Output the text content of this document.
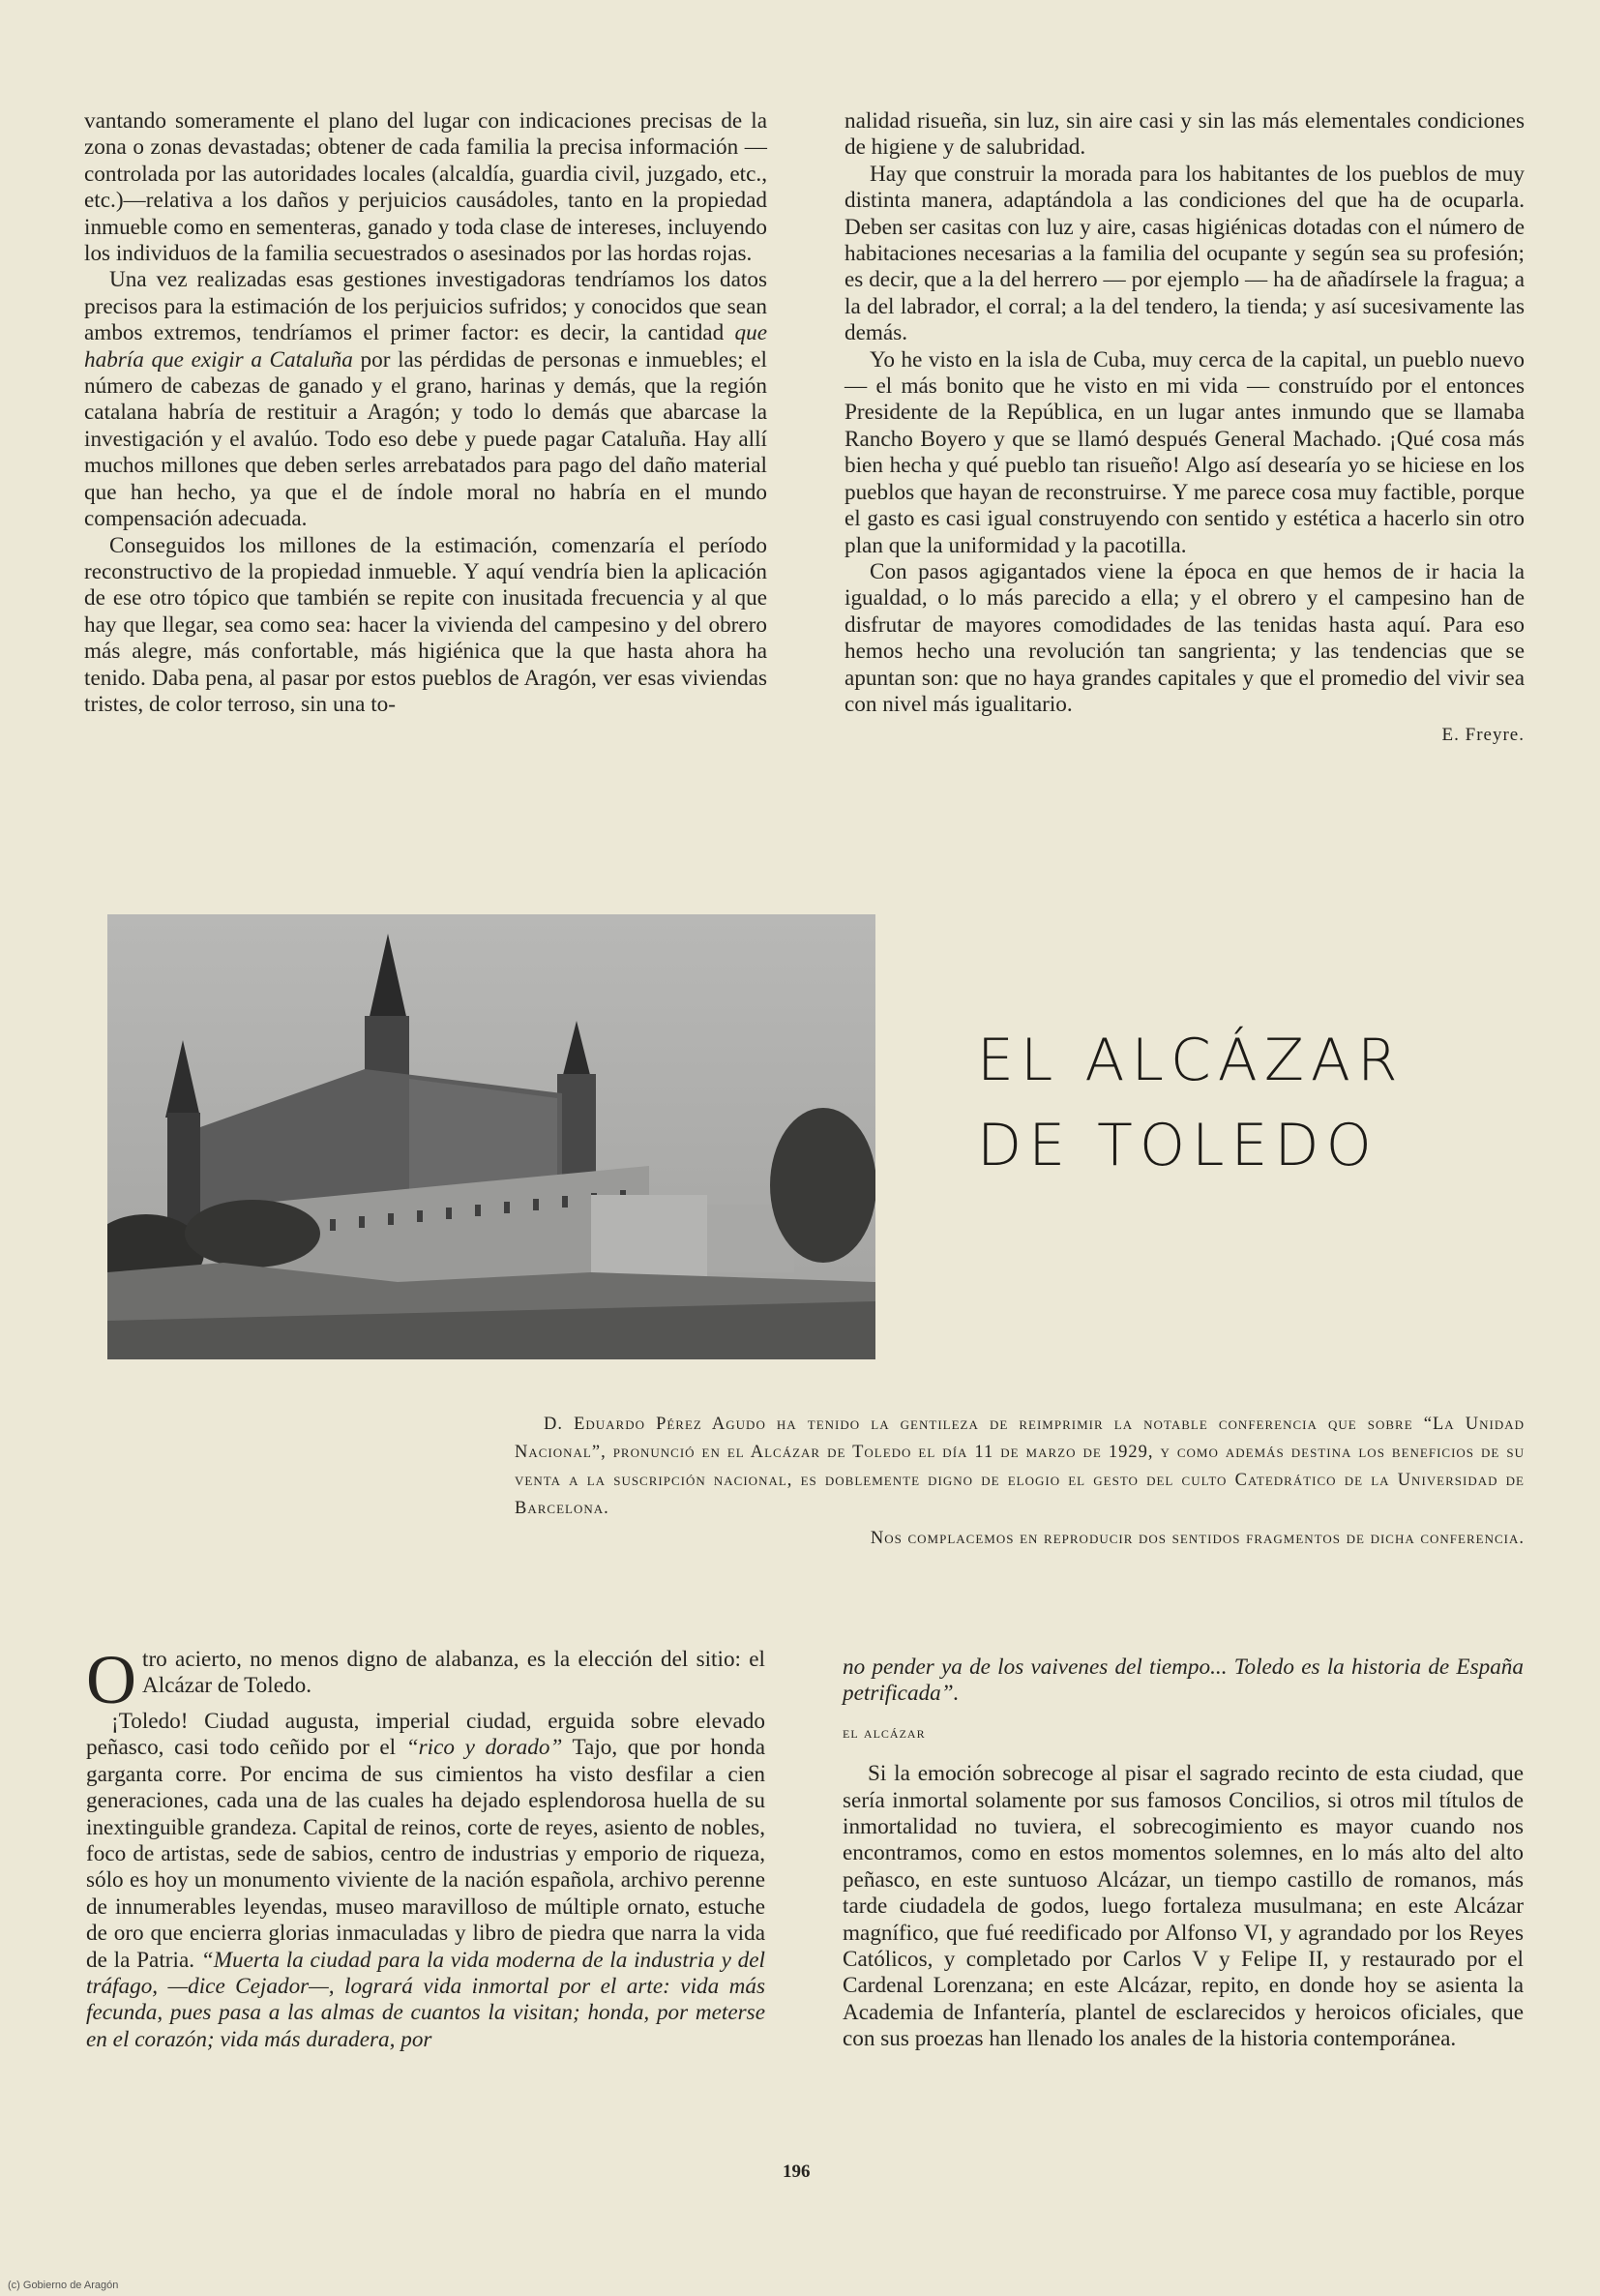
vantando someramente el plano del lugar con indicaciones precisas de la zona o zonas devastadas; obtener de cada familia la precisa información — controlada por las autoridades locales (alcaldía, guardia civil, juzgado, etc., etc.)—relativa a los daños y perjuicios causádoles, tanto en la propiedad inmueble como en sementeras, ganado y toda clase de intereses, incluyendo los individuos de la familia secuestrados o asesinados por las hordas rojas.

Una vez realizadas esas gestiones investigadoras tendríamos los datos precisos para la estimación de los perjuicios sufridos; y conocidos que sean ambos extremos, tendríamos el primer factor: es decir, la cantidad que habría que exigir a Cataluña por las pérdidas de personas e inmuebles; el número de cabezas de ganado y el grano, harinas y demás, que la región catalana habría de restituir a Aragón; y todo lo demás que abarcase la investigación y el avalúo. Todo eso debe y puede pagar Cataluña. Hay allí muchos millones que deben serles arrebatados para pago del daño material que han hecho, ya que el de índole moral no habría en el mundo compensación adecuada.

Conseguidos los millones de la estimación, comenzaría el período reconstructivo de la propiedad inmueble. Y aquí vendría bien la aplicación de ese otro tópico que también se repite con inusitada frecuencia y al que hay que llegar, sea como sea: hacer la vivienda del campesino y del obrero más alegre, más confortable, más higiénica que la que hasta ahora ha tenido. Daba pena, al pasar por estos pueblos de Aragón, ver esas viviendas tristes, de color terroso, sin una to-

nalidad risueña, sin luz, sin aire casi y sin las más elementales condiciones de higiene y de salubridad.

Hay que construir la morada para los habitantes de los pueblos de muy distinta manera, adaptándola a las condiciones del que ha de ocuparla. Deben ser casitas con luz y aire, casas higiénicas dotadas con el número de habitaciones necesarias a la familia del ocupante y según sea su profesión; es decir, que a la del herrero — por ejemplo — ha de añadírsele la fragua; a la del labrador, el corral; a la del tendero, la tienda; y así sucesivamente las demás.

Yo he visto en la isla de Cuba, muy cerca de la capital, un pueblo nuevo — el más bonito que he visto en mi vida — construído por el entonces Presidente de la República, en un lugar antes inmundo que se llamaba Rancho Boyero y que se llamó después General Machado. ¡Qué cosa más bien hecha y qué pueblo tan risueño! Algo así desearía yo se hiciese en los pueblos que hayan de reconstruirse. Y me parece cosa muy factible, porque el gasto es casi igual construyendo con sentido y estética a hacerlo sin otro plan que la uniformidad y la pacotilla.

Con pasos agigantados viene la época en que hemos de ir hacia la igualdad, o lo más parecido a ella; y el obrero y el campesino han de disfrutar de mayores comodidades de las tenidas hasta aquí. Para eso hemos hecho una revolución tan sangrienta; y las tendencias que se apuntan son: que no haya grandes capitales y que el promedio del vivir sea con nivel más igualitario.

E. Freyre.

EL ALCÁZAR
DE TOLEDO
D. Eduardo Pérez Agudo ha tenido la gentileza de reimprimir la notable conferencia que sobre “La Unidad Nacional”, pronunció en el Alcázar de Toledo el día 11 de marzo de 1929, y como además destina los beneficios de su venta a la suscripción nacional, es doblemente digno de elogio el gesto del culto Catedrático de la Universidad de Barcelona.
Nos complacemos en reproducir dos sentidos fragmentos de dicha conferencia.

Otro acierto, no menos digno de alabanza, es la elección del sitio: el Alcázar de Toledo.

¡Toledo! Ciudad augusta, imperial ciudad, erguida sobre elevado peñasco, casi todo ceñido por el “rico y dorado” Tajo, que por honda garganta corre. Por encima de sus cimientos ha visto desfilar a cien generaciones, cada una de las cuales ha dejado esplendorosa huella de su inextinguible grandeza. Capital de reinos, corte de reyes, asiento de nobles, foco de artistas, sede de sabios, centro de industrias y emporio de riqueza, sólo es hoy un monumento viviente de la nación española, archivo perenne de innumerables leyendas, museo maravilloso de múltiple ornato, estuche de oro que encierra glorias inmaculadas y libro de piedra que narra la vida de la Patria. “Muerta la ciudad para la vida moderna de la industria y del tráfago, —dice Cejador—, logrará vida inmortal por el arte: vida más fecunda, pues pasa a las almas de cuantos la visitan; honda, por meterse en el corazón; vida más duradera, por

no pender ya de los vaivenes del tiempo... Toledo es la historia de España petrificada”.

el alcázar

Si la emoción sobrecoge al pisar el sagrado recinto de esta ciudad, que sería inmortal solamente por sus famosos Concilios, si otros mil títulos de inmortalidad no tuviera, el sobrecogimiento es mayor cuando nos encontramos, como en estos momentos solemnes, en lo más alto del alto peñasco, en este suntuoso Alcázar, un tiempo castillo de romanos, más tarde ciudadela de godos, luego fortaleza musulmana; en este Alcázar magnífico, que fué reedificado por Alfonso VI, y agrandado por los Reyes Católicos, y completado por Carlos V y Felipe II, y restaurado por el Cardenal Lorenzana; en este Alcázar, repito, en donde hoy se asienta la Academia de Infantería, plantel de esclarecidos y heroicos oficiales, que con sus proezas han llenado los anales de la historia contemporánea.

196
(c) Gobierno de Aragón
